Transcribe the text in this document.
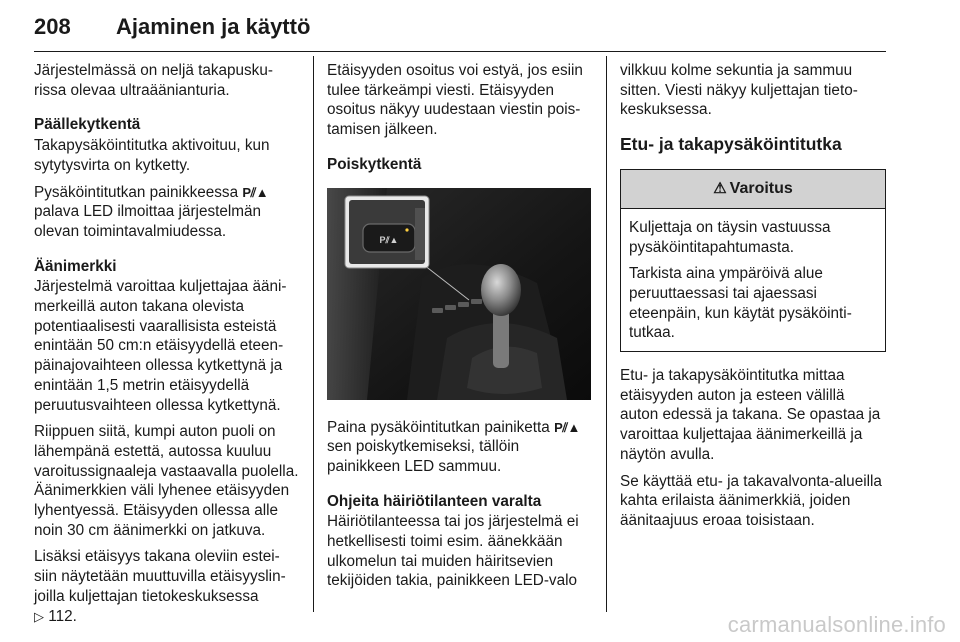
208 Ajaminen ja käyttö

Järjestelmässä on neljä takapusku-rissa olevaa ultraäänianturia.

Päällekytkentä

Takapysäköintitutka aktivoituu, kun sytytysvirta on kytketty.

Pysäköintitutkan painikkeessa P⫽▲ palava LED ilmoittaa järjestelmän olevan toimintavalmiudessa.

Äänimerkki

Järjestelmä varoittaa kuljettajaa ääni-merkeillä auton takana olevista potentiaalisesti vaarallisista esteistä enintään 50 cm:n etäisyydellä eteen-päinajovaihteen ollessa kytkettynä ja enintään 1,5 metrin etäisyydellä peruutusvaihteen ollessa kytkettynä.

Riippuen siitä, kumpi auton puoli on lähempänä estettä, autossa kuuluu varoitussignaaleja vastaavalla puolella. Äänimerkkien väli lyhenee etäisyyden lyhentyessä. Etäisyyden ollessa alle noin 30 cm äänimerkki on jatkuva.

Lisäksi etäisyys takana oleviin estei-siin näytetään muuttuvilla etäisyyslin-joilla kuljettajan tietokeskuksessa
▷ 112.

Etäisyyden osoitus voi estyä, jos esiin tulee tärkeämpi viesti. Etäisyyden osoitus näkyy uudestaan viestin pois-tamisen jälkeen.

Poiskytkentä
P⫽▲

Paina pysäköintitutkan painiketta P⫽▲ sen poiskytkemiseksi, tällöin painikkeen LED sammuu.

Ohjeita häiriötilanteen varalta

Häiriötilanteessa tai jos järjestelmä ei hetkellisesti toimi esim. äänekkään ulkomelun tai muiden häiritsevien tekijöiden takia, painikkeen LED-valo

vilkkuu kolme sekuntia ja sammuu sitten. Viesti näkyy kuljettajan tieto-keskuksessa.

Etu- ja takapysäköintitutka
⚠ Varoitus

Kuljettaja on täysin vastuussa pysäköintitapahtumasta.

Tarkista aina ympäröivä alue peruuttaessasi tai ajaessasi eteenpäin, kun käytät pysäköinti-tutkaa.

Etu- ja takapysäköintitutka mittaa etäisyyden auton ja esteen välillä auton edessä ja takana. Se opastaa ja varoittaa kuljettajaa äänimerkeillä ja näytön avulla.

Se käyttää etu- ja takavalvonta-alueilla kahta erilaista äänimerkkiä, joiden äänitaajuus eroaa toisistaan.

carmanualsonline.info
